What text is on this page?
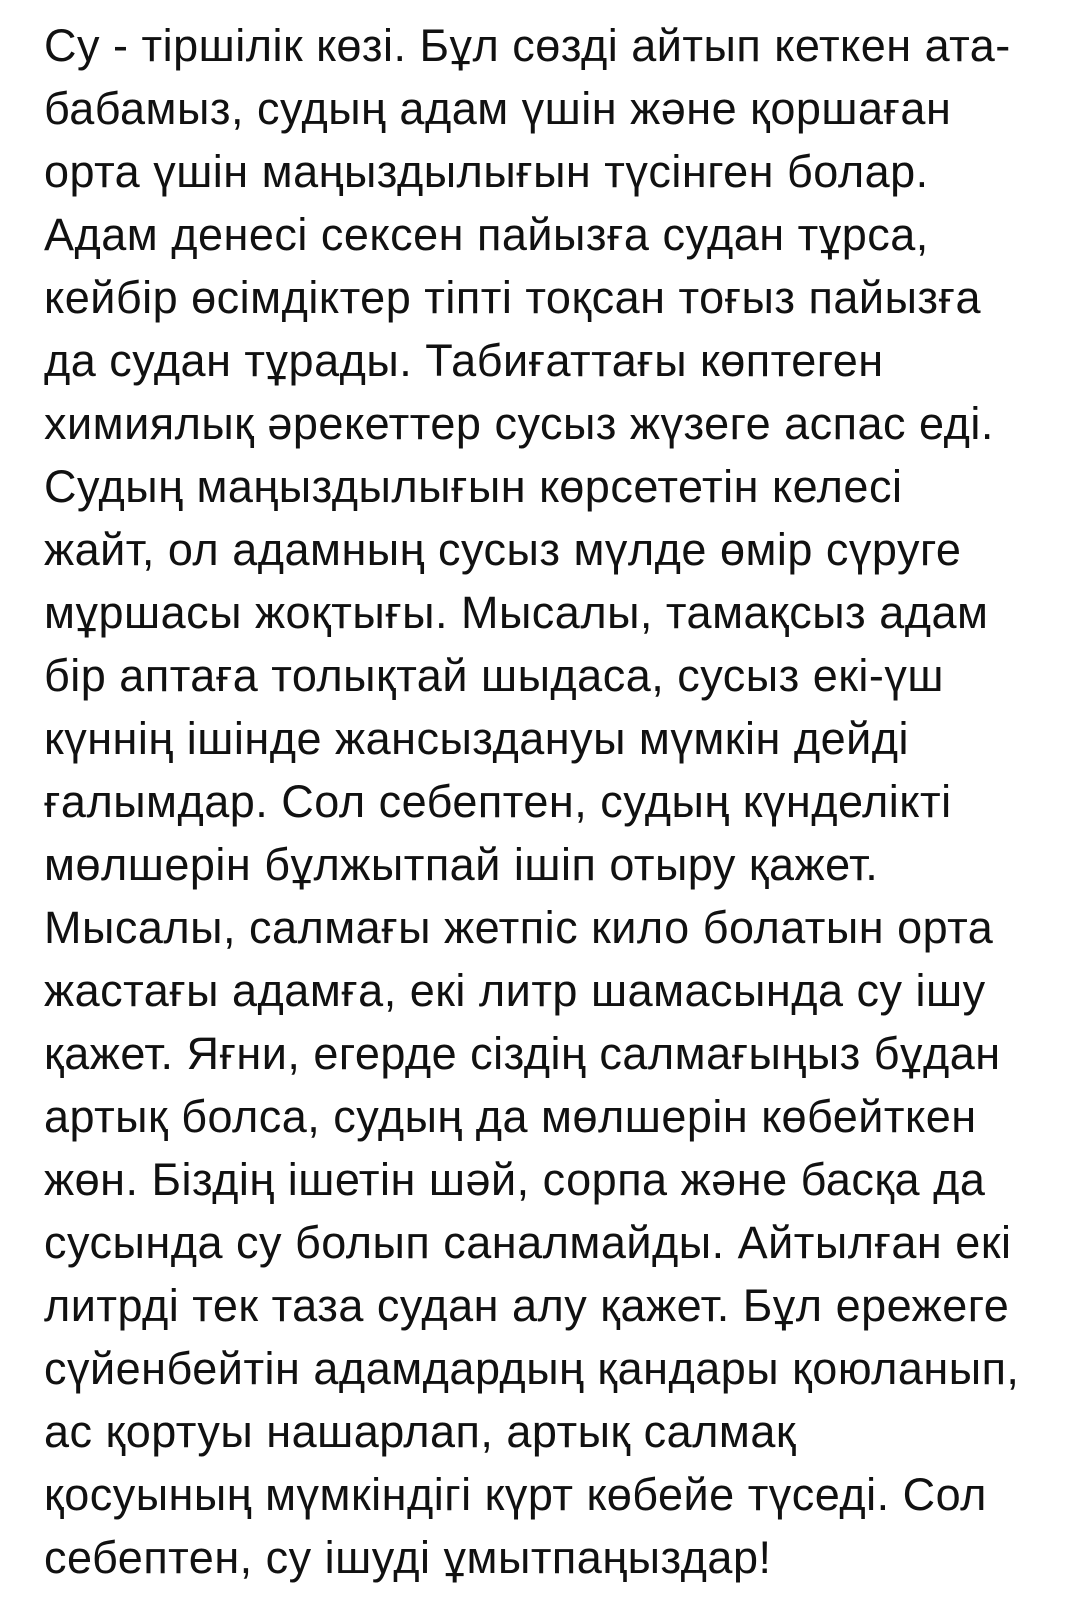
Су - тіршілік көзі. Бұл сөзді айтып кеткен ата-
бабамыз, судың адам үшін және қоршаған
орта үшін маңыздылығын түсінген болар.
Адам денесі сексен пайызға судан тұрса,
кейбір өсімдіктер тіпті тоқсан тоғыз пайызға
да судан тұрады. Табиғаттағы көптеген
химиялық әрекеттер сусыз жүзеге аспас еді.
Судың маңыздылығын көрсететін келесі
жайт, ол адамның сусыз мүлде өмір сүруге
мұршасы жоқтығы. Мысалы, тамақсыз адам
бір аптаға толықтай шыдаса, сусыз екі-үш
күннің ішінде жансыздануы мүмкін дейді
ғалымдар. Сол себептен, судың күнделікті
мөлшерін бұлжытпай ішіп отыру қажет.
Мысалы, салмағы жетпіс кило болатын орта
жастағы адамға, екі литр шамасында су ішу
қажет. Яғни, егерде сіздің салмағыңыз бұдан
артық болса, судың да мөлшерін көбейткен
жөн. Біздің ішетін шәй, сорпа және басқа да
сусында су болып саналмайды. Айтылған екі
литрді тек таза судан алу қажет. Бұл ережеге
сүйенбейтін адамдардың қандары қоюланып,
ас қортуы нашарлап, артық салмақ
қосуының мүмкіндігі күрт көбейе түседі. Сол
себептен, су ішуді ұмытпаңыздар!
